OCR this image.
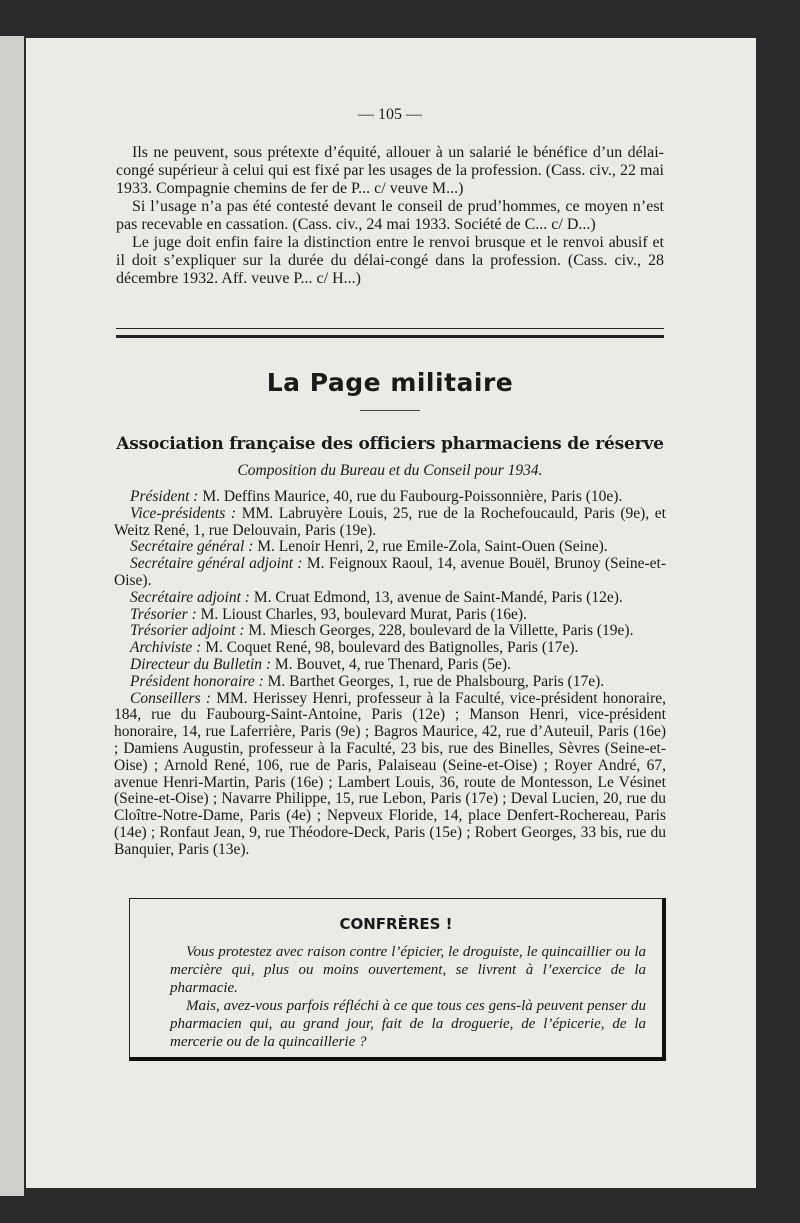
— 105 —

Ils ne peuvent, sous prétexte d’équité, allouer à un salarié le bénéfice d’un délai-congé supérieur à celui qui est fixé par les usages de la profession. (Cass. civ., 22 mai 1933. Compagnie chemins de fer de P... c/ veuve M...)

Si l’usage n’a pas été contesté devant le conseil de prud’hommes, ce moyen n’est pas recevable en cassation. (Cass. civ., 24 mai 1933. Société de C... c/ D...)

Le juge doit enfin faire la distinction entre le renvoi brusque et le renvoi abusif et il doit s’expliquer sur la durée du délai-congé dans la profession. (Cass. civ., 28 décembre 1932. Aff. veuve P... c/ H...)

La Page militaire
Association française des officiers pharmaciens de réserve
Composition du Bureau et du Conseil pour 1934.

Président : M. Deffins Maurice, 40, rue du Faubourg-Poissonnière, Paris (10e).

Vice-présidents : MM. Labruyère Louis, 25, rue de la Rochefoucauld, Paris (9e), et Weitz René, 1, rue Delouvain, Paris (19e).

Secrétaire général : M. Lenoir Henri, 2, rue Emile-Zola, Saint-Ouen (Seine).

Secrétaire général adjoint : M. Feignoux Raoul, 14, avenue Bouël, Brunoy (Seine-et-Oise).

Secrétaire adjoint : M. Cruat Edmond, 13, avenue de Saint-Mandé, Paris (12e).

Trésorier : M. Lioust Charles, 93, boulevard Murat, Paris (16e).

Trésorier adjoint : M. Miesch Georges, 228, boulevard de la Villette, Paris (19e).

Archiviste : M. Coquet René, 98, boulevard des Batignolles, Paris (17e).

Directeur du Bulletin : M. Bouvet, 4, rue Thenard, Paris (5e).

Président honoraire : M. Barthet Georges, 1, rue de Phalsbourg, Paris (17e).

Conseillers : MM. Herissey Henri, professeur à la Faculté, vice-président honoraire, 184, rue du Faubourg-Saint-Antoine, Paris (12e) ; Manson Henri, vice-président honoraire, 14, rue Laferrière, Paris (9e) ; Bagros Maurice, 42, rue d’Auteuil, Paris (16e) ; Damiens Augustin, professeur à la Faculté, 23 bis, rue des Binelles, Sèvres (Seine-et-Oise) ; Arnold René, 106, rue de Paris, Palaiseau (Seine-et-Oise) ; Royer André, 67, avenue Henri-Martin, Paris (16e) ; Lambert Louis, 36, route de Montesson, Le Vésinet (Seine-et-Oise) ; Navarre Philippe, 15, rue Lebon, Paris (17e) ; Deval Lucien, 20, rue du Cloître-Notre-Dame, Paris (4e) ; Nepveux Floride, 14, place Denfert-Rochereau, Paris (14e) ; Ronfaut Jean, 9, rue Théodore-Deck, Paris (15e) ; Robert Georges, 33 bis, rue du Banquier, Paris (13e).

CONFRÈRES !

Vous protestez avec raison contre l’épicier, le droguiste, le quincaillier ou la mercière qui, plus ou moins ouvertement, se livrent à l’exercice de la pharmacie.

Mais, avez-vous parfois réfléchi à ce que tous ces gens-là peuvent penser du pharmacien qui, au grand jour, fait de la droguerie, de l’épicerie, de la mercerie ou de la quincaillerie ?
